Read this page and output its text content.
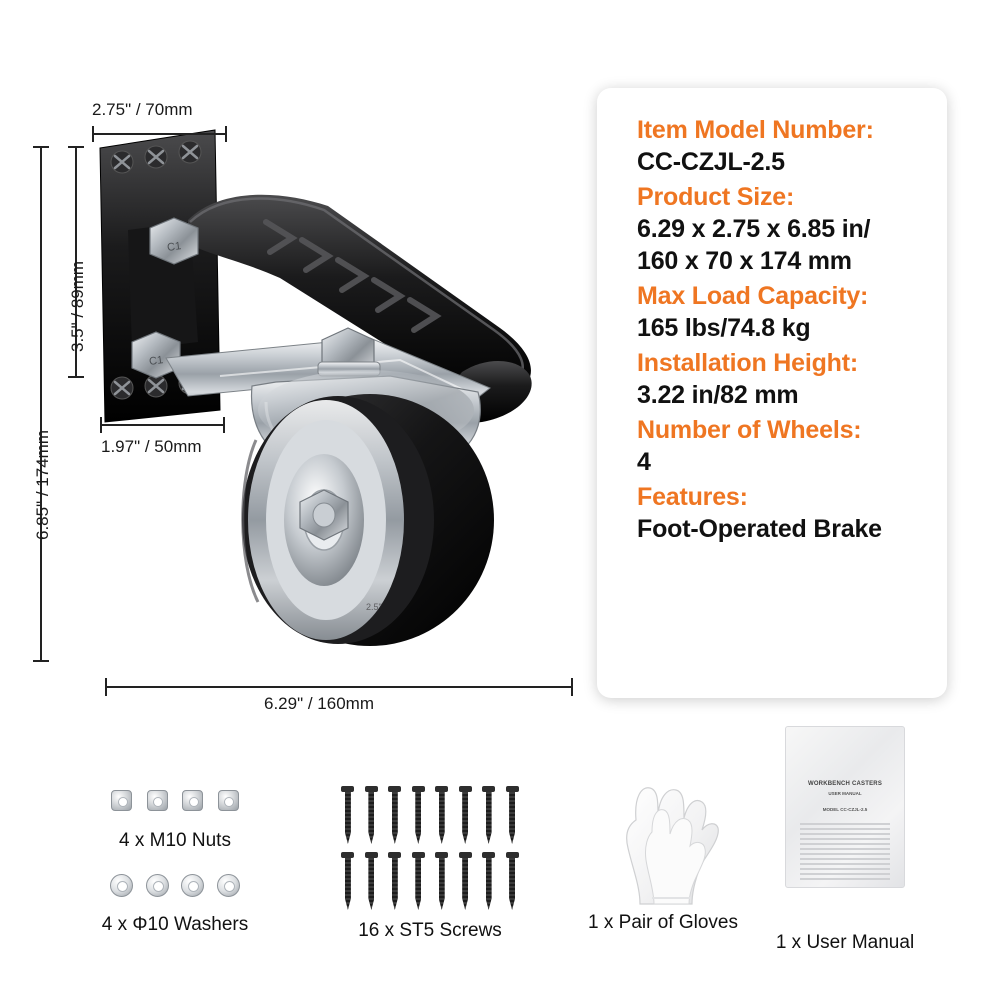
C1
C1
2.5"
2.75" / 70mm
3.5" / 89mm
6.85" / 174mm	1.97" / 50mm
6.29" / 160mm
Item Model Number:
CC-CZJL-2.5
Product Size:
6.29 x 2.75 x 6.85 in/
160 x 70 x 174 mm
Max Load Capacity:
165 lbs/74.8 kg
Installation Height:
3.22 in/82 mm
Number of Wheels:
4
Features:
Foot-Operated Brake

4 x M10 Nuts

4 x Φ10 Washers

	16 x ST5 Screws	1 x Pair of Gloves
WORKBENCH CASTERS
USER MANUAL
MODEL CC-CZJL-2.5
1 x User Manual
